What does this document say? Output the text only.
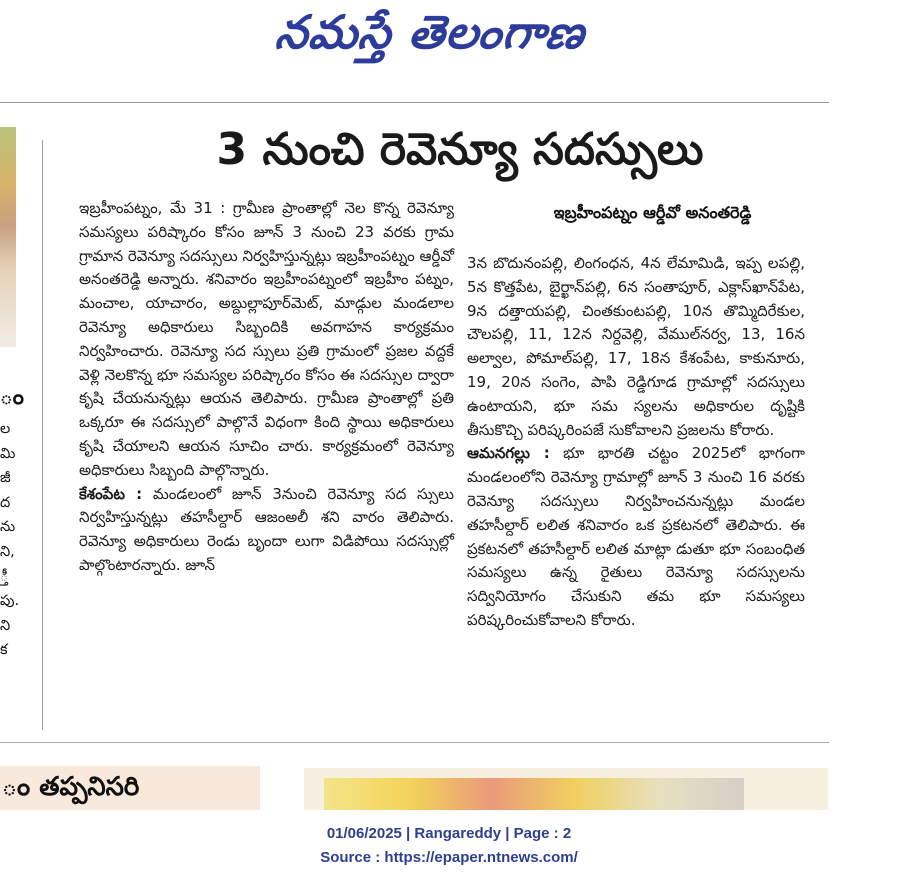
నమస్తే తెలంగాణ
ం
ల
మి
జీ
ద
ను
ని,
్తీ
పు.
ని
క
3 నుంచి రెవెన్యూ సదస్సులు
ఇబ్రహీంపట్నం ఆర్డీవో అనంతరెడ్డి

ఇబ్రహీంపట్నం, మే 31 : గ్రామీణ ప్రాంతాల్లో నెల కొన్న రెవెన్యూ సమస్యలు పరిష్కారం కోసం జూన్ 3 నుంచి 23 వరకు గ్రామ గ్రామాన రెవెన్యూ సదస్సులు నిర్వహిస్తున్నట్లు ఇబ్రహీంపట్నం ఆర్డీవో అనంతరెడ్డి అన్నారు. శనివారం ఇబ్రహీంపట్నంలో ఇబ్రహీం పట్నం, మంచాల, యాచారం, అబ్దుల్లాపూర్‌మెట్, మాడ్గుల మండలాల రెవెన్యూ అధికారులు సిబ్బందికి అవగాహన కార్యక్రమం నిర్వహించారు. రెవెన్యూ సద స్సులు ప్రతి గ్రామంలో ప్రజల వద్దకే వెళ్లి నెలకొన్న భూ సమస్యల పరిష్కారం కోసం ఈ సదస్సుల ద్వారా కృషి చేయనున్నట్లు ఆయన తెలిపారు. గ్రామీణ ప్రాంతాల్లో ప్రతి ఒక్కరూ ఈ సదస్సులో పాల్గొనే విధంగా కింది స్థాయి అధికారులు కృషి చేయాలని ఆయన సూచిం చారు. కార్యక్రమంలో రెవెన్యూ అధికారులు సిబ్బంది పాల్గొన్నారు.

కేశంపేట : మండలంలో జూన్ 3నుంచి రెవెన్యూ సద స్సులు నిర్వహిస్తున్నట్లు తహసీల్దార్ ఆజంఅలీ శని వారం తెలిపారు. రెవెన్యూ అధికారులు రెండు బృందా లుగా విడిపోయి సదస్సుల్లో పాల్గొంటారన్నారు. జూన్

3న బొదునంపల్లి, లింగంధన, 4న లేమామిడి, ఇప్ప లపల్లి, 5న కొత్తపేట, బైర్ఖాన్‌పల్లి, 6న సంతాపూర్, ఎక్లాస్‌ఖాన్‌పేట, 9న దత్తాయపల్లి, చింతకుంటపల్లి, 10న తొమ్మిదిరేకుల, చౌలపల్లి, 11, 12న నిర్దవెల్లి, వేముల్‌నర్వ, 13, 16న అల్వాల, పోమాల్‌పల్లి, 17, 18న కేశంపేట, కాకునూరు, 19, 20న సంగెం, పాపి రెడ్డిగూడ గ్రామాల్లో సదస్సులు ఉంటాయని, భూ సమ స్యలను అధికారుల దృష్టికి తీసుకొచ్చి పరిష్కరింపజే సుకోవాలని ప్రజలను కోరారు.

ఆమనగల్లు : భూ భారతి చట్టం 2025లో భాగంగా మండలంలోని రెవెన్యూ గ్రామాల్లో జూన్ 3 నుంచి 16 వరకు రెవెన్యూ సదస్సులు నిర్వహించనున్నట్లు మండల తహసీల్దార్ లలిత శనివారం ఒక ప్రకటనలో తెలిపారు. ఈ ప్రకటనలో తహసీల్దార్ లలిత మాట్లా డుతూ భూ సంబంధిత సమస్యలు ఉన్న రైతులు రెవెన్యూ సదస్సులను సద్వినియోగం చేసుకుని తమ భూ సమస్యలు పరిష్కరించుకోవాలని కోరారు.

ం తప్పనిసరి
01/06/2025 | Rangareddy | Page : 2
Source : https://epaper.ntnews.com/
